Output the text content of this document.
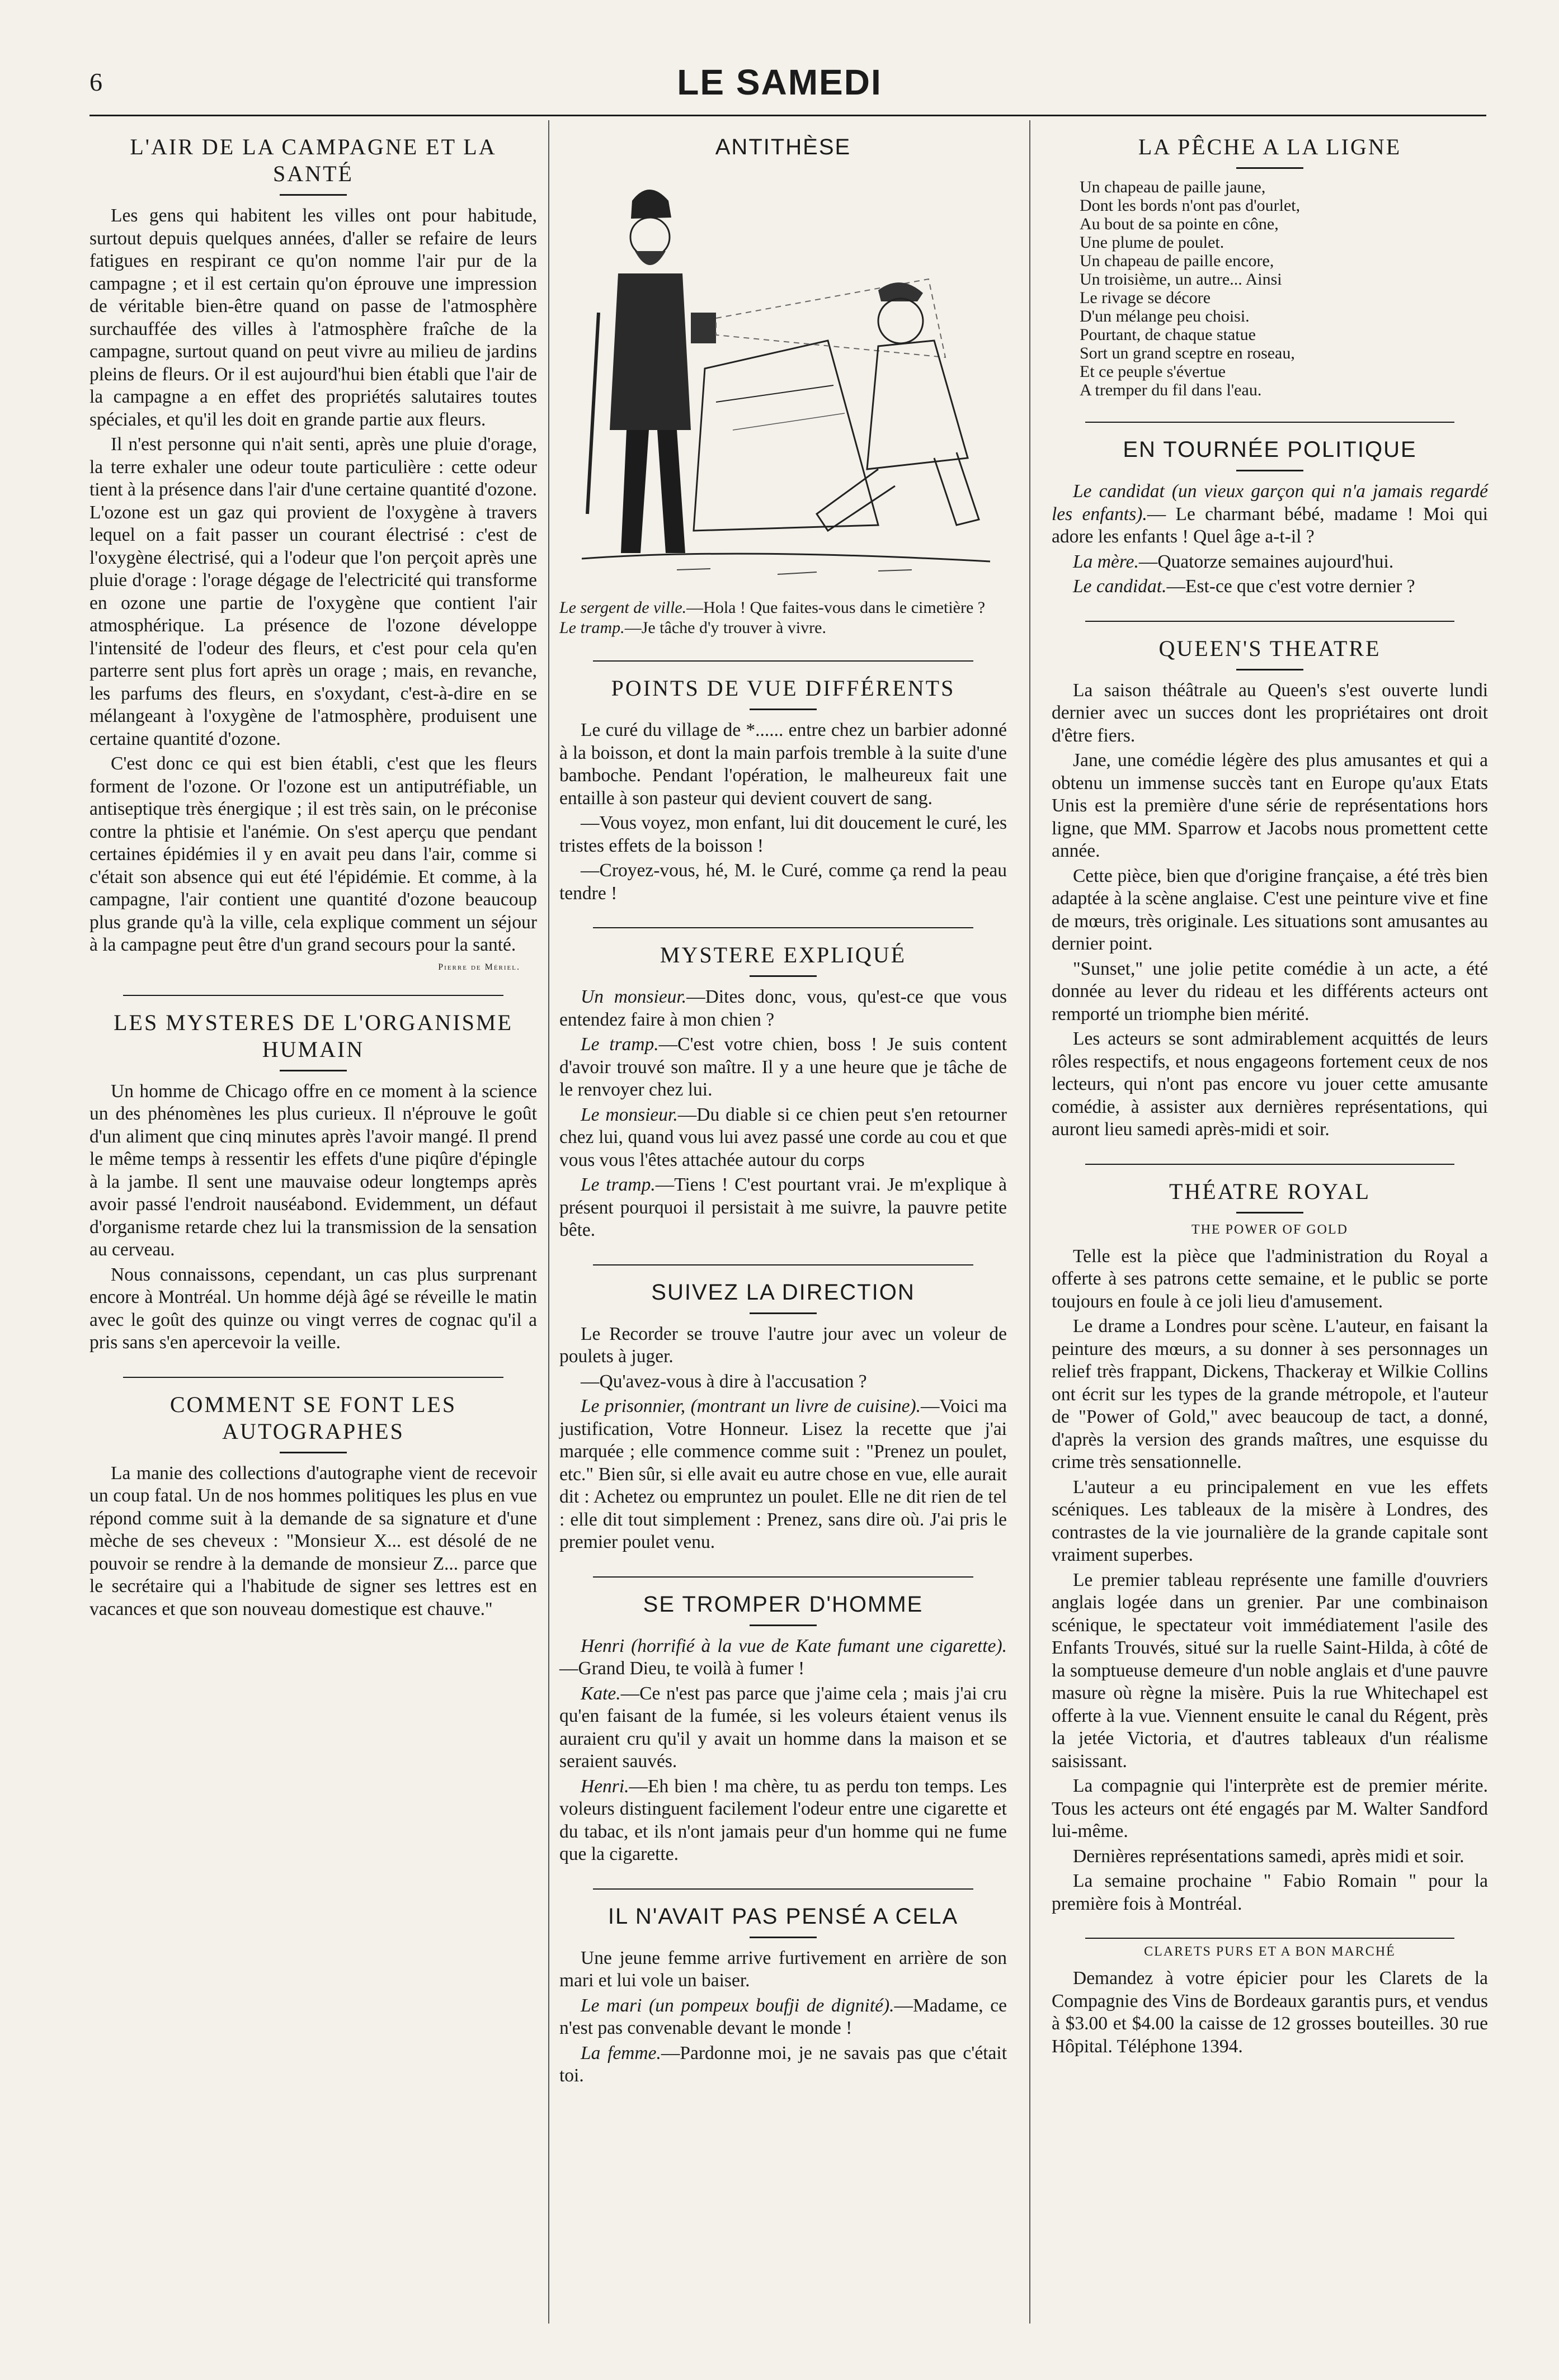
6	LE SAMEDI
L'AIR DE LA CAMPAGNE ET LA SANTÉ

Les gens qui habitent les villes ont pour habitude, surtout depuis quelques années, d'aller se refaire de leurs fatigues en respirant ce qu'on nomme l'air pur de la campagne ; et il est certain qu'on éprouve une impression de véritable bien-être quand on passe de l'atmosphère surchauffée des villes à l'atmosphère fraîche de la campagne, surtout quand on peut vivre au milieu de jardins pleins de fleurs. Or il est aujourd'hui bien établi que l'air de la campagne a en effet des propriétés salutaires toutes spéciales, et qu'il les doit en grande partie aux fleurs.

Il n'est personne qui n'ait senti, après une pluie d'orage, la terre exhaler une odeur toute particulière : cette odeur tient à la présence dans l'air d'une certaine quantité d'ozone. L'ozone est un gaz qui provient de l'oxygène à travers lequel on a fait passer un courant électrisé : c'est de l'oxygène électrisé, qui a l'odeur que l'on perçoit après une pluie d'orage : l'orage dégage de l'electricité qui transforme en ozone une partie de l'oxygène que contient l'air atmosphérique. La présence de l'ozone développe l'intensité de l'odeur des fleurs, et c'est pour cela qu'en parterre sent plus fort après un orage ; mais, en revanche, les parfums des fleurs, en s'oxydant, c'est-à-dire en se mélangeant à l'oxygène de l'atmosphère, produisent une certaine quantité d'ozone.

C'est donc ce qui est bien établi, c'est que les fleurs forment de l'ozone. Or l'ozone est un antiputréfiable, un antiseptique très énergique ; il est très sain, on le préconise contre la phtisie et l'anémie. On s'est aperçu que pendant certaines épidémies il y en avait peu dans l'air, comme si c'était son absence qui eut été l'épidémie. Et comme, à la campagne, l'air contient une quantité d'ozone beaucoup plus grande qu'à la ville, cela explique comment un séjour à la campagne peut être d'un grand secours pour la santé.

Pierre de Mériel.
LES MYSTERES DE L'ORGANISME HUMAIN

Un homme de Chicago offre en ce moment à la science un des phénomènes les plus curieux. Il n'éprouve le goût d'un aliment que cinq minutes après l'avoir mangé. Il prend le même temps à ressentir les effets d'une piqûre d'épingle à la jambe. Il sent une mauvaise odeur longtemps après avoir passé l'endroit nauséabond. Evidemment, un défaut d'organisme retarde chez lui la transmission de la sensation au cerveau.

Nous connaissons, cependant, un cas plus surprenant encore à Montréal. Un homme déjà âgé se réveille le matin avec le goût des quinze ou vingt verres de cognac qu'il a pris sans s'en apercevoir la veille.

COMMENT SE FONT LES AUTOGRAPHES

La manie des collections d'autographe vient de recevoir un coup fatal. Un de nos hommes politiques les plus en vue répond comme suit à la demande de sa signature et d'une mèche de ses cheveux : "Monsieur X... est désolé de ne pouvoir se rendre à la demande de monsieur Z... parce que le secrétaire qui a l'habitude de signer ses lettres est en vacances et que son nouveau domestique est chauve."

ANTITHÈSE

Le sergent de ville.—Hola ! Que faites-vous dans le cimetière ?
Le tramp.—Je tâche d'y trouver à vivre.

POINTS DE VUE DIFFÉRENTS

Le curé du village de *...... entre chez un barbier adonné à la boisson, et dont la main parfois tremble à la suite d'une bamboche. Pendant l'opération, le malheureux fait une entaille à son pasteur qui devient couvert de sang.

—Vous voyez, mon enfant, lui dit doucement le curé, les tristes effets de la boisson !

—Croyez-vous, hé, M. le Curé, comme ça rend la peau tendre !

MYSTERE EXPLIQUÉ

Un monsieur.—Dites donc, vous, qu'est-ce que vous entendez faire à mon chien ?

Le tramp.—C'est votre chien, boss ! Je suis content d'avoir trouvé son maître. Il y a une heure que je tâche de le renvoyer chez lui.

Le monsieur.—Du diable si ce chien peut s'en retourner chez lui, quand vous lui avez passé une corde au cou et que vous vous l'êtes attachée autour du corps

Le tramp.—Tiens ! C'est pourtant vrai. Je m'explique à présent pourquoi il persistait à me suivre, la pauvre petite bête.

SUIVEZ LA DIRECTION

Le Recorder se trouve l'autre jour avec un voleur de poulets à juger.

—Qu'avez-vous à dire à l'accusation ?

Le prisonnier, (montrant un livre de cuisine).—Voici ma justification, Votre Honneur. Lisez la recette que j'ai marquée ; elle commence comme suit : "Prenez un poulet, etc." Bien sûr, si elle avait eu autre chose en vue, elle aurait dit : Achetez ou empruntez un poulet. Elle ne dit rien de tel : elle dit tout simplement : Prenez, sans dire où. J'ai pris le premier poulet venu.

SE TROMPER D'HOMME

Henri (horrifié à la vue de Kate fumant une cigarette).—Grand Dieu, te voilà à fumer !

Kate.—Ce n'est pas parce que j'aime cela ; mais j'ai cru qu'en faisant de la fumée, si les voleurs étaient venus ils auraient cru qu'il y avait un homme dans la maison et se seraient sauvés.

Henri.—Eh bien ! ma chère, tu as perdu ton temps. Les voleurs distinguent facilement l'odeur entre une cigarette et du tabac, et ils n'ont jamais peur d'un homme qui ne fume que la cigarette.

IL N'AVAIT PAS PENSÉ A CELA

Une jeune femme arrive furtivement en arrière de son mari et lui vole un baiser.

Le mari (un pompeux boufji de dignité).—Madame, ce n'est pas convenable devant le monde !

La femme.—Pardonne moi, je ne savais pas que c'était toi.

LA PÊCHE A LA LIGNE
Un chapeau de paille jaune,
Dont les bords n'ont pas d'ourlet,
Au bout de sa pointe en cône,
Une plume de poulet.
Un chapeau de paille encore,
Un troisième, un autre... Ainsi
Le rivage se décore
D'un mélange peu choisi.
Pourtant, de chaque statue
Sort un grand sceptre en roseau,
Et ce peuple s'évertue
A tremper du fil dans l'eau.
EN TOURNÉE POLITIQUE

Le candidat (un vieux garçon qui n'a jamais regardé les enfants).— Le charmant bébé, madame ! Moi qui adore les enfants ! Quel âge a-t-il ?

La mère.—Quatorze semaines aujourd'hui.

Le candidat.—Est-ce que c'est votre dernier ?

QUEEN'S THEATRE

La saison théâtrale au Queen's s'est ouverte lundi dernier avec un succes dont les propriétaires ont droit d'être fiers.

Jane, une comédie légère des plus amusantes et qui a obtenu un immense succès tant en Europe qu'aux Etats Unis est la première d'une série de représentations hors ligne, que MM. Sparrow et Jacobs nous promettent cette année.

Cette pièce, bien que d'origine française, a été très bien adaptée à la scène anglaise. C'est une peinture vive et fine de mœurs, très originale. Les situations sont amusantes au dernier point.

"Sunset," une jolie petite comédie à un acte, a été donnée au lever du rideau et les différents acteurs ont remporté un triomphe bien mérité.

Les acteurs se sont admirablement acquittés de leurs rôles respectifs, et nous engageons fortement ceux de nos lecteurs, qui n'ont pas encore vu jouer cette amusante comédie, à assister aux dernières représentations, qui auront lieu samedi après-midi et soir.

THÉATRE ROYAL
THE POWER OF GOLD

Telle est la pièce que l'administration du Royal a offerte à ses patrons cette semaine, et le public se porte toujours en foule à ce joli lieu d'amusement.

Le drame a Londres pour scène. L'auteur, en faisant la peinture des mœurs, a su donner à ses personnages un relief très frappant, Dickens, Thackeray et Wilkie Collins ont écrit sur les types de la grande métropole, et l'auteur de "Power of Gold," avec beaucoup de tact, a donné, d'après la version des grands maîtres, une esquisse du crime très sensationnelle.

L'auteur a eu principalement en vue les effets scéniques. Les tableaux de la misère à Londres, des contrastes de la vie journalière de la grande capitale sont vraiment superbes.

Le premier tableau représente une famille d'ouvriers anglais logée dans un grenier. Par une combinaison scénique, le spectateur voit immédiatement l'asile des Enfants Trouvés, situé sur la ruelle Saint-Hilda, à côté de la somptueuse demeure d'un noble anglais et d'une pauvre masure où règne la misère. Puis la rue Whitechapel est offerte à la vue. Viennent ensuite le canal du Régent, près la jetée Victoria, et d'autres tableaux d'un réalisme saisissant.

La compagnie qui l'interprète est de premier mérite. Tous les acteurs ont été engagés par M. Walter Sandford lui-même.

Dernières représentations samedi, après midi et soir.

La semaine prochaine " Fabio Romain " pour la première fois à Montréal.

CLARETS PURS ET A BON MARCHÉ

Demandez à votre épicier pour les Clarets de la Compagnie des Vins de Bordeaux garantis purs, et vendus à $3.00 et $4.00 la caisse de 12 grosses bouteilles. 30 rue Hôpital. Téléphone 1394.
